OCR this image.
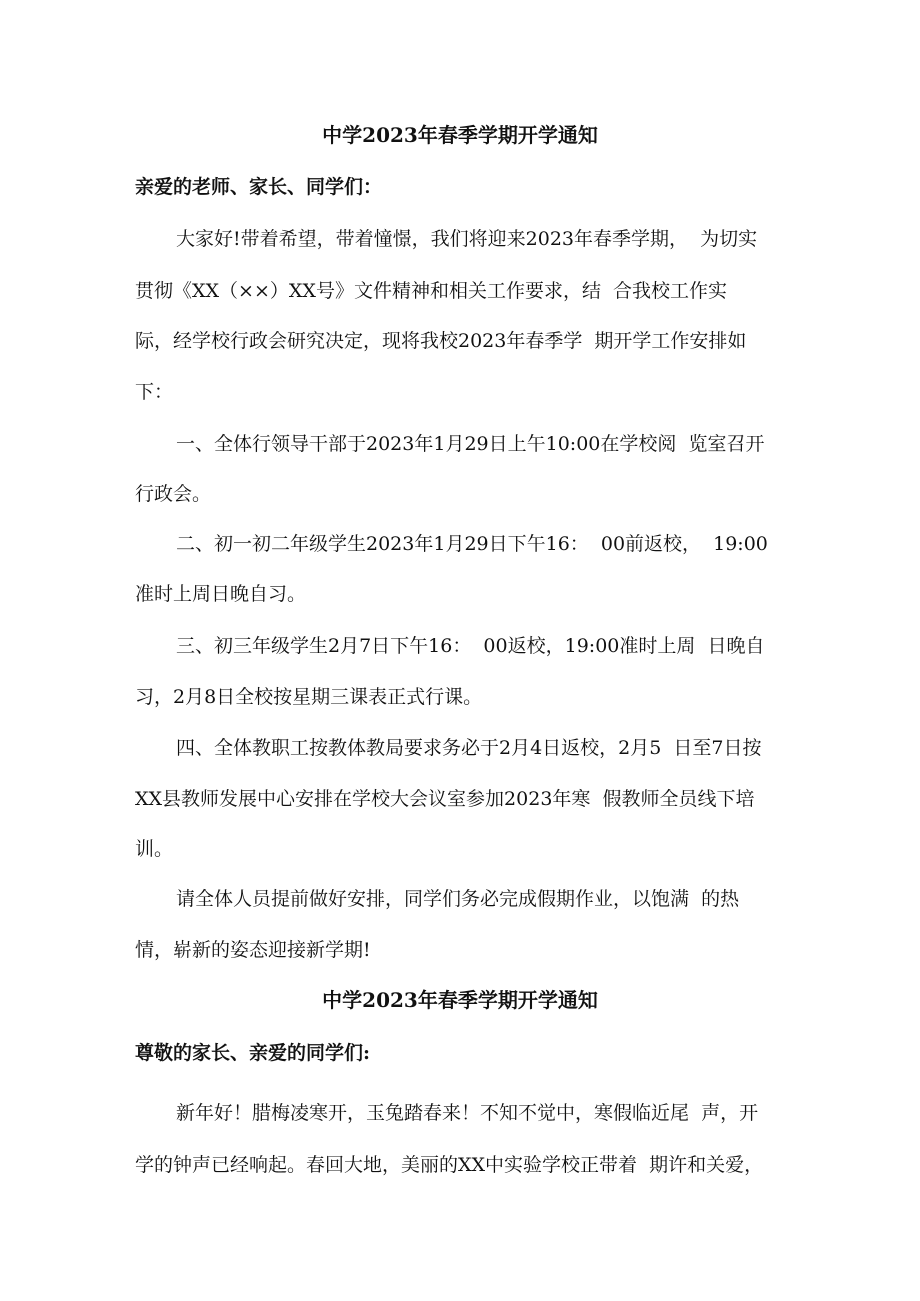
中学2023年春季学期开学通知

亲爱的老师、家长、同学们：

大家好!带着希望，带着憧憬，我们将迎来2023年春季学期，  为切实

贯彻《XX（××）XX号》文件精神和相关工作要求，结  合我校工作实

际，经学校行政会研究决定，现将我校2023年春季学  期开学工作安排如

下：

一、全体行领导干部于2023年1月29日上午10:00在学校阅  览室召开

行政会。

二、初一初二年级学生2023年1月29日下午16：  00前返校，  19:00

准时上周日晚自习。

三、初三年级学生2月7日下午16：  00返校，19:00准时上周  日晚自

习，2月8日全校按星期三课表正式行课。

四、全体教职工按教体教局要求务必于2月4日返校，2月5  日至7日按

XX县教师发展中心安排在学校大会议室参加2023年寒  假教师全员线下培

训。

请全体人员提前做好安排，同学们务必完成假期作业，以饱满  的热

情，崭新的姿态迎接新学期!

中学2023年春季学期开学通知

尊敬的家长、亲爱的同学们:

新年好！腊梅凌寒开，玉兔踏春来！不知不觉中，寒假临近尾  声，开

学的钟声已经响起。春回大地，美丽的XX中实验学校正带着  期许和关爱，
